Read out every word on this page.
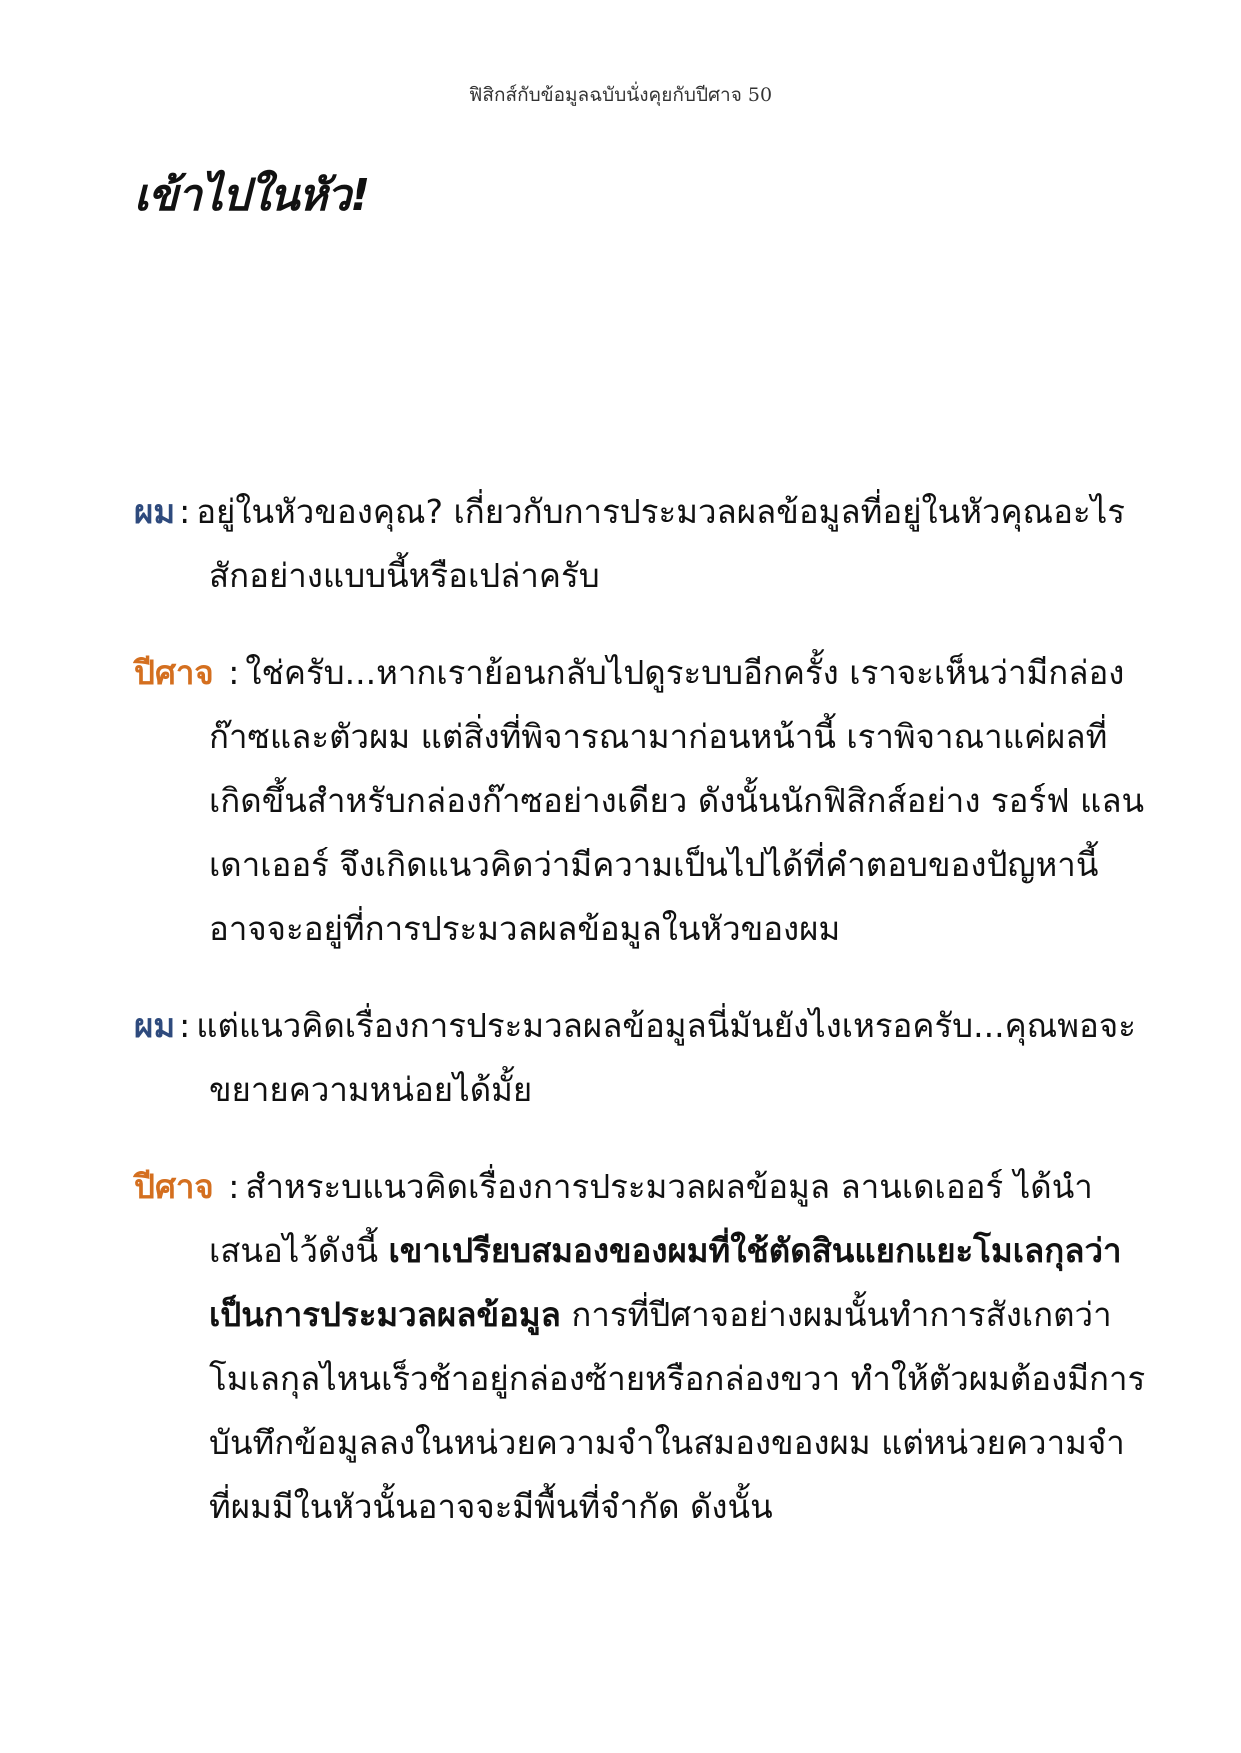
ฟิสิกส์กับข้อมูลฉบับนั่งคุยกับปีศาจ 50
เข้าไปในหัว!

ผม : อยู่ในหัวของคุณ? เกี่ยวกับการประมวลผลข้อมูลที่อยู่ในหัวคุณอะไรสักอย่างแบบนี้หรือเปล่าครับ

ปีศาจ : ใช่ครับ...หากเราย้อนกลับไปดูระบบอีกครั้ง เราจะเห็นว่ามีกล่องก๊าซและตัวผม แต่สิ่งที่พิจารณามาก่อนหน้านี้ เราพิจาณาแค่ผลที่เกิดขึ้นสำหรับกล่องก๊าซอย่างเดียว ดังนั้นนักฟิสิกส์อย่าง รอร์ฟ แลนเดาเออร์ จึงเกิดแนวคิดว่ามีความเป็นไปได้ที่คำตอบของปัญหานี้อาจจะอยู่ที่การประมวลผลข้อมูลในหัวของผม

ผม : แต่แนวคิดเรื่องการประมวลผลข้อมูลนี่มันยังไงเหรอครับ...คุณพอจะขยายความหน่อยได้มั้ย

ปีศาจ : สำหระบแนวคิดเรื่องการประมวลผลข้อมูล ลานเดเออร์ ได้นำเสนอไว้ดังนี้ เขาเปรียบสมองของผมที่ใช้ตัดสินแยกแยะโมเลกุลว่าเป็นการประมวลผลข้อมูล การที่ปีศาจอย่างผมนั้นทำการสังเกตว่าโมเลกุลไหนเร็วช้าอยู่กล่องซ้ายหรือกล่องขวา ทำให้ตัวผมต้องมีการบันทึกข้อมูลลงในหน่วยความจำในสมองของผม แต่หน่วยความจำที่ผมมีในหัวนั้นอาจจะมีพื้นที่จำกัด ดังนั้น
